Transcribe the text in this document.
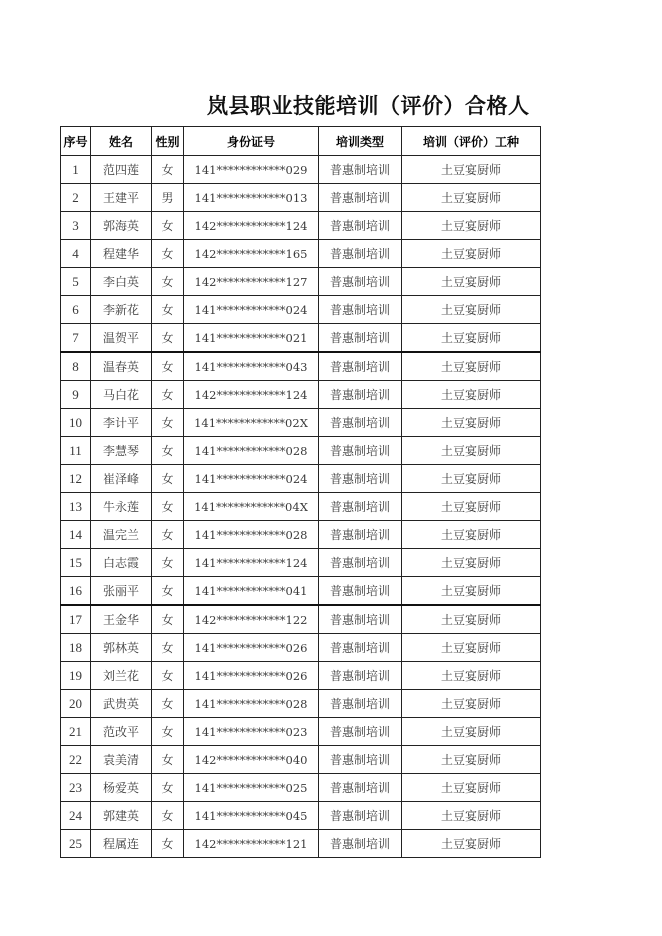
岚县职业技能培训（评价）合格人
序号	姓名	性别	身份证号	培训类型	培训（评价）工种
1	范四莲	女	141************029	普惠制培训	土豆宴厨师
2	王建平	男	141************013	普惠制培训	土豆宴厨师
3	郭海英	女	142************124	普惠制培训	土豆宴厨师
4	程建华	女	142************165	普惠制培训	土豆宴厨师
5	李白英	女	142************127	普惠制培训	土豆宴厨师
6	李新花	女	141************024	普惠制培训	土豆宴厨师
7	温贺平	女	141************021	普惠制培训	土豆宴厨师
8	温春英	女	141************043	普惠制培训	土豆宴厨师
9	马白花	女	142************124	普惠制培训	土豆宴厨师
10	李计平	女	141************02X	普惠制培训	土豆宴厨师
11	李慧琴	女	141************028	普惠制培训	土豆宴厨师
12	崔泽峰	女	141************024	普惠制培训	土豆宴厨师
13	牛永莲	女	141************04X	普惠制培训	土豆宴厨师
14	温完兰	女	141************028	普惠制培训	土豆宴厨师
15	白志霞	女	141************124	普惠制培训	土豆宴厨师
16	张丽平	女	141************041	普惠制培训	土豆宴厨师
17	王金华	女	142************122	普惠制培训	土豆宴厨师
18	郭林英	女	141************026	普惠制培训	土豆宴厨师
19	刘兰花	女	141************026	普惠制培训	土豆宴厨师
20	武贵英	女	141************028	普惠制培训	土豆宴厨师
21	范改平	女	141************023	普惠制培训	土豆宴厨师
22	袁美清	女	142************040	普惠制培训	土豆宴厨师
23	杨爱英	女	141************025	普惠制培训	土豆宴厨师
24	郭建英	女	141************045	普惠制培训	土豆宴厨师
25	程属连	女	142************121	普惠制培训	土豆宴厨师
